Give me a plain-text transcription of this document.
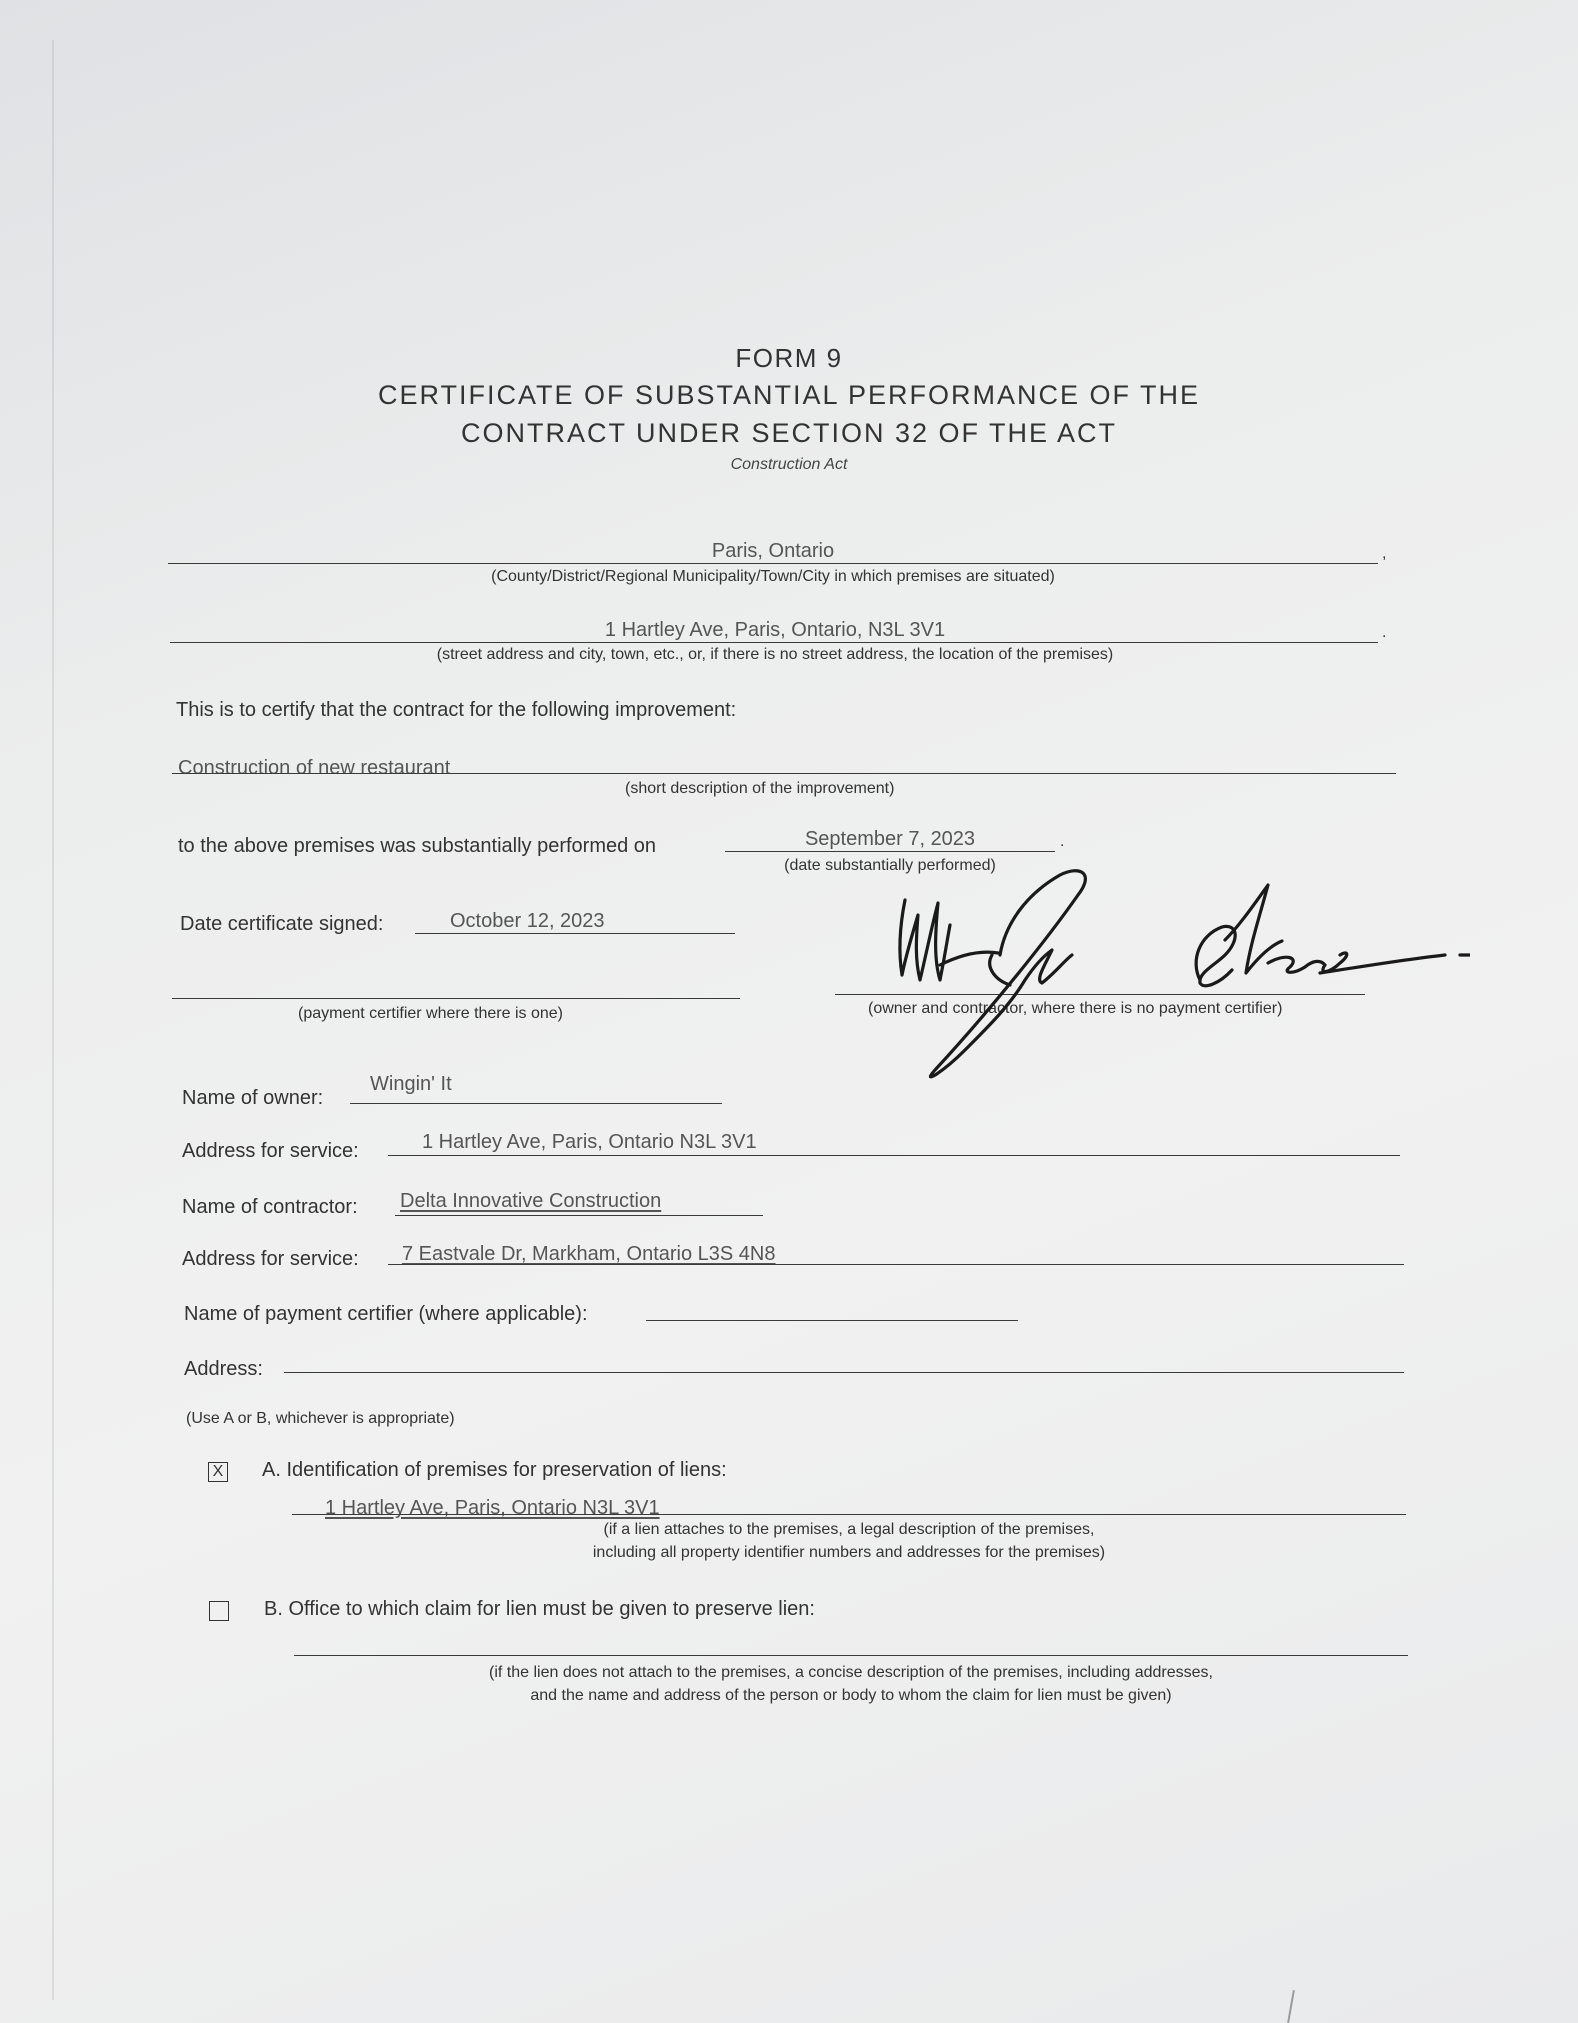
FORM 9
CERTIFICATE OF SUBSTANTIAL PERFORMANCE OF THE
CONTRACT UNDER SECTION 32 OF THE ACT
Construction Act
Paris, Ontario	,
(County/District/Regional Municipality/Town/City in which premises are situated)
1 Hartley Ave, Paris, Ontario, N3L 3V1	.
(street address and city, town, etc., or, if there is no street address, the location of the premises)
This is to certify that the contract for the following improvement:
Construction of new restaurant
(short description of the improvement)
to the above premises was substantially performed on	September 7, 2023	.
(date substantially performed)
Date certificate signed:	October 12, 2023
(payment certifier where there is one)	(owner and contractor, where there is no payment certifier)
Name of owner:
Wingin' It
Address for service:	1 Hartley Ave, Paris, Ontario N3L 3V1
Name of contractor: Delta Innovative Construction
Address for service: 7 Eastvale Dr, Markham, Ontario L3S 4N8
Name of payment certifier (where applicable):
Address:
(Use A or B, whichever is appropriate)
X A. Identification of premises for preservation of liens:
1 Hartley Ave, Paris, Ontario N3L 3V1
(if a lien attaches to the premises, a legal description of the premises,
including all property identifier numbers and addresses for the premises)
B. Office to which claim for lien must be given to preserve lien:
(if the lien does not attach to the premises, a concise description of the premises, including addresses,
and the name and address of the person or body to whom the claim for lien must be given)
